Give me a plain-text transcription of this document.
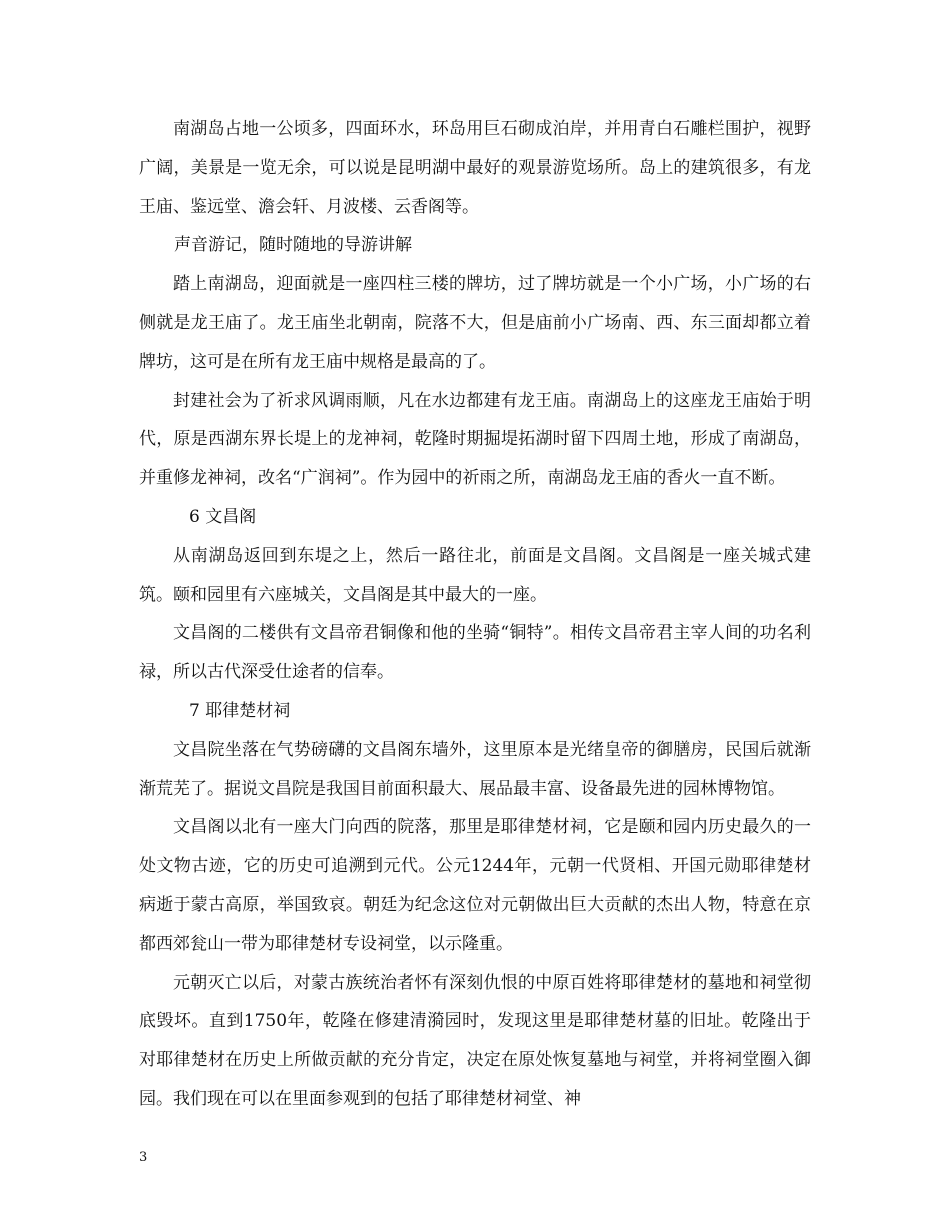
南湖岛占地一公顷多，四面环水，环岛用巨石砌成泊岸，并用青白石雕栏围护，视野广阔，美景是一览无余，可以说是昆明湖中最好的观景游览场所。岛上的建筑很多，有龙王庙、鉴远堂、澹会轩、月波楼、云香阁等。

声音游记，随时随地的导游讲解

踏上南湖岛，迎面就是一座四柱三楼的牌坊，过了牌坊就是一个小广场，小广场的右侧就是龙王庙了。龙王庙坐北朝南，院落不大，但是庙前小广场南、西、东三面却都立着牌坊，这可是在所有龙王庙中规格是最高的了。

封建社会为了祈求风调雨顺，凡在水边都建有龙王庙。南湖岛上的这座龙王庙始于明代，原是西湖东界长堤上的龙神祠，乾隆时期掘堤拓湖时留下四周土地，形成了南湖岛，并重修龙神祠，改名“广润祠”。作为园中的祈雨之所，南湖岛龙王庙的香火一直不断。

6 文昌阁

从南湖岛返回到东堤之上，然后一路往北，前面是文昌阁。文昌阁是一座关城式建筑。颐和园里有六座城关，文昌阁是其中最大的一座。

文昌阁的二楼供有文昌帝君铜像和他的坐骑“铜特”。相传文昌帝君主宰人间的功名利禄，所以古代深受仕途者的信奉。

7 耶律楚材祠

文昌院坐落在气势磅礴的文昌阁东墙外，这里原本是光绪皇帝的御膳房，民国后就渐渐荒芜了。据说文昌院是我国目前面积最大、展品最丰富、设备最先进的园林博物馆。

文昌阁以北有一座大门向西的院落，那里是耶律楚材祠，它是颐和园内历史最久的一处文物古迹，它的历史可追溯到元代。公元1244年，元朝一代贤相、开国元勋耶律楚材病逝于蒙古高原，举国致哀。朝廷为纪念这位对元朝做出巨大贡献的杰出人物，特意在京都西郊瓮山一带为耶律楚材专设祠堂，以示隆重。

元朝灭亡以后，对蒙古族统治者怀有深刻仇恨的中原百姓将耶律楚材的墓地和祠堂彻底毁坏。直到1750年，乾隆在修建清漪园时，发现这里是耶律楚材墓的旧址。乾隆出于对耶律楚材在历史上所做贡献的充分肯定，决定在原处恢复墓地与祠堂，并将祠堂圈入御园。我们现在可以在里面参观到的包括了耶律楚材祠堂、神

3
